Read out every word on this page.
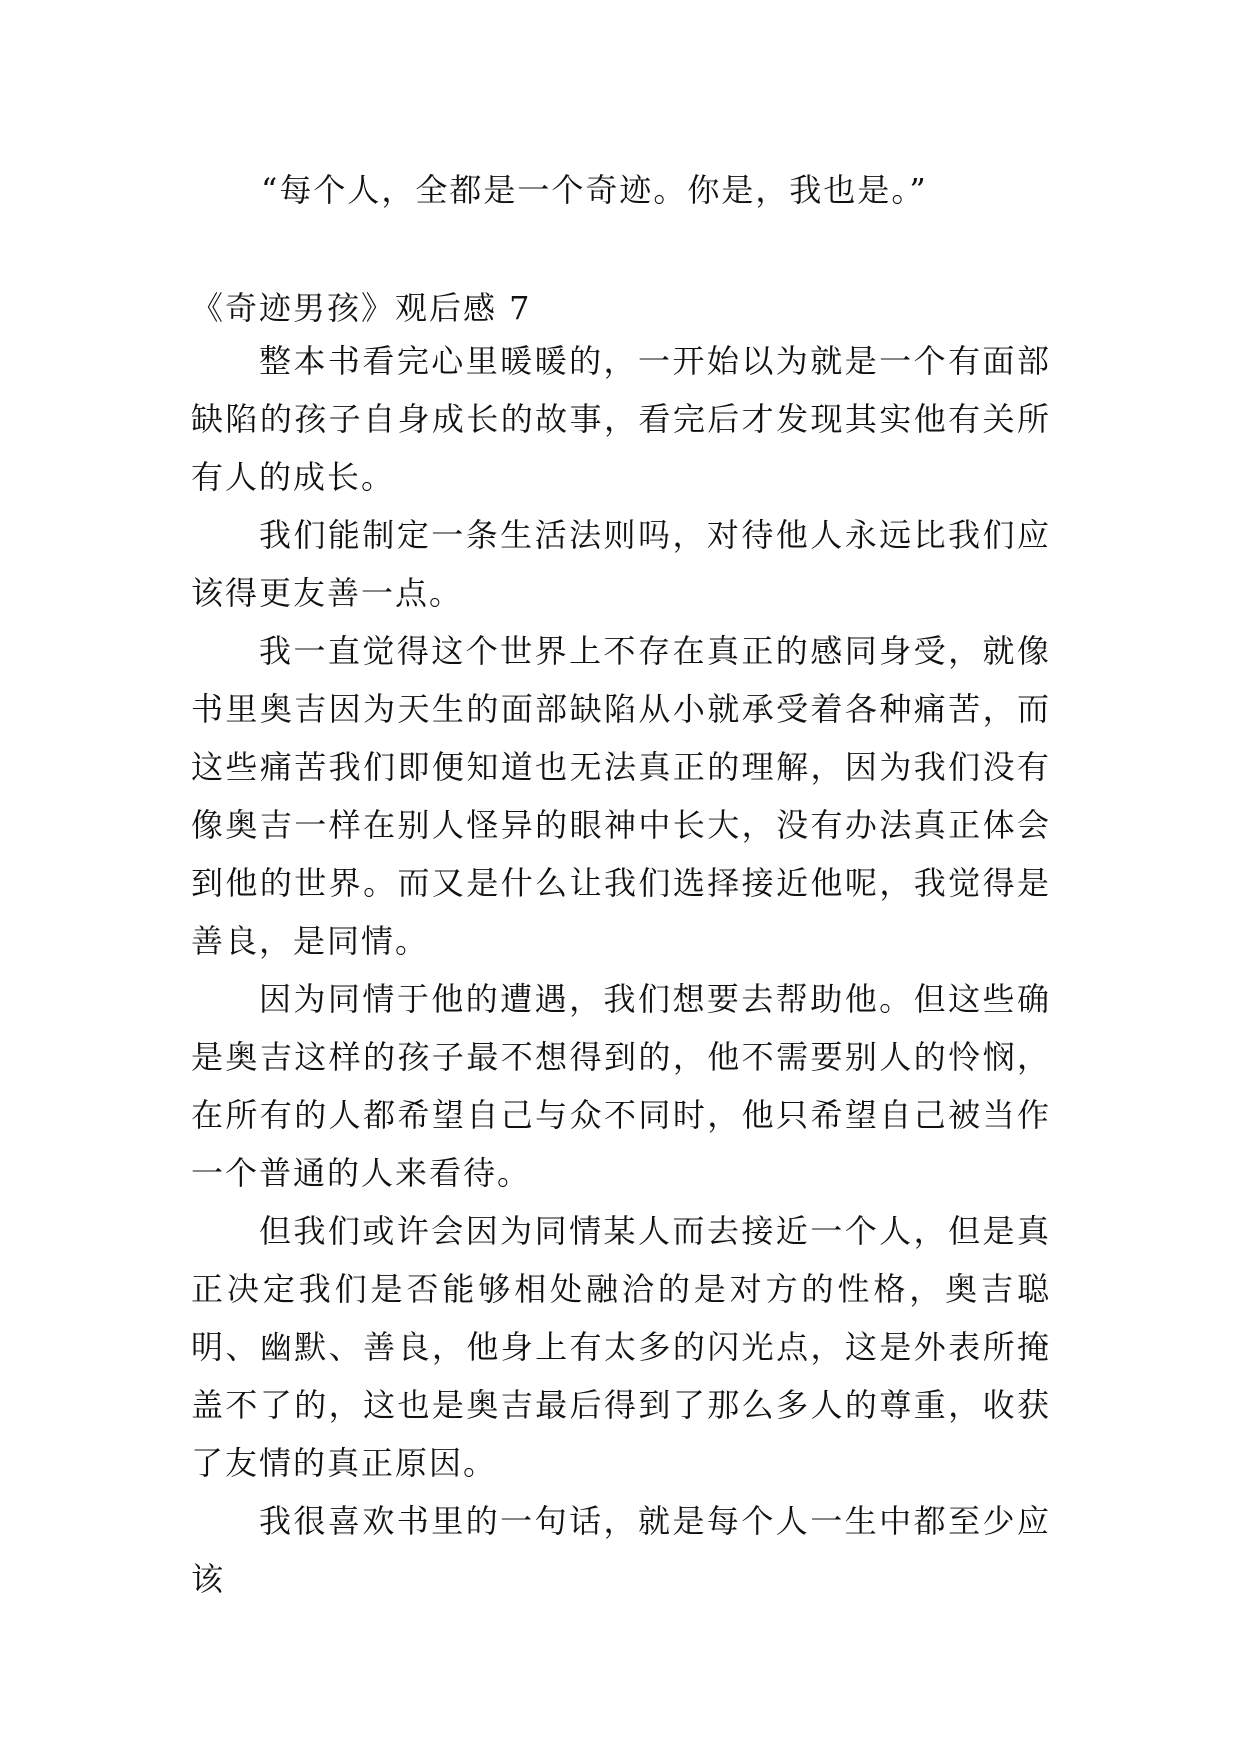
“每个人，全都是一个奇迹。你是，我也是。”
《奇迹男孩》观后感 7

整本书看完心里暖暖的，一开始以为就是一个有面部缺陷的孩子自身成长的故事，看完后才发现其实他有关所有人的成长。

我们能制定一条生活法则吗，对待他人永远比我们应该得更友善一点。

我一直觉得这个世界上不存在真正的感同身受，就像书里奥吉因为天生的面部缺陷从小就承受着各种痛苦，而这些痛苦我们即便知道也无法真正的理解，因为我们没有像奥吉一样在别人怪异的眼神中长大，没有办法真正体会到他的世界。而又是什么让我们选择接近他呢，我觉得是善良，是同情。

因为同情于他的遭遇，我们想要去帮助他。但这些确是奥吉这样的孩子最不想得到的，他不需要别人的怜悯，在所有的人都希望自己与众不同时，他只希望自己被当作一个普通的人来看待。

但我们或许会因为同情某人而去接近一个人，但是真正决定我们是否能够相处融洽的是对方的性格，奥吉聪明、幽默、善良，他身上有太多的闪光点，这是外表所掩盖不了的，这也是奥吉最后得到了那么多人的尊重，收获了友情的真正原因。

我很喜欢书里的一句话，就是每个人一生中都至少应该
